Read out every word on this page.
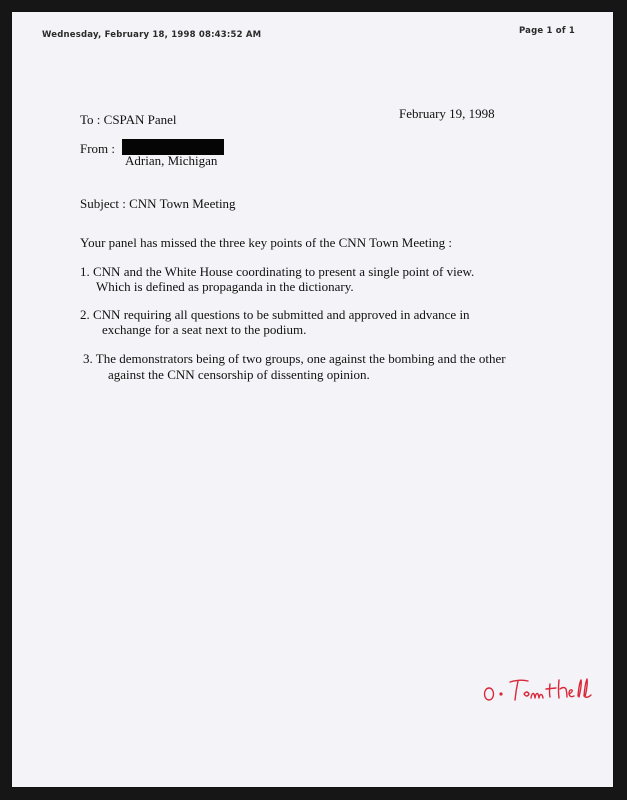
Wednesday, February 18, 1998 08:43:52 AM	Page 1 of 1
To : CSPAN Panel	February 19, 1998
From :
Adrian, Michigan
Subject : CNN Town Meeting
Your panel has missed the three key points of the CNN Town Meeting :
1. CNN and the White House coordinating to present a single point of view.
Which is defined as propaganda in the dictionary.
2. CNN requiring all questions to be submitted and approved in advance in
exchange for a seat next to the podium.
3. The demonstrators being of two groups, one against the bombing and the other
against the CNN censorship of dissenting opinion.
